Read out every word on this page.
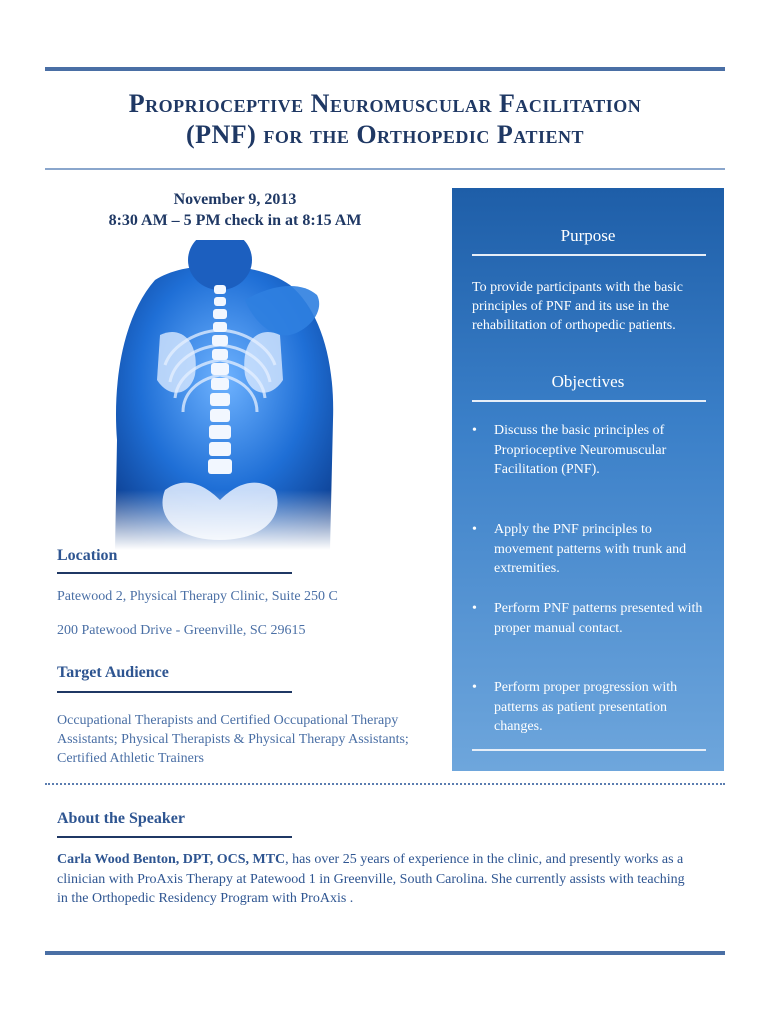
Proprioceptive Neuromuscular Facilitation
(PNF) for the Orthopedic Patient
November 9, 2013
8:30 AM – 5 PM check in at 8:15 AM
Location
Patewood 2, Physical Therapy Clinic, Suite 250 C
200 Patewood Drive - Greenville, SC 29615
Target Audience
Occupational Therapists and Certified Occupational Therapy Assistants; Physical Therapists & Physical Therapy Assistants; Certified Athletic Trainers
Purpose
To provide participants with the basic principles of PNF and its use in the rehabilitation of orthopedic patients.
Objectives
• Discuss the basic principles of Proprioceptive Neuromuscular Facilitation (PNF).
• Apply the PNF principles to movement patterns with trunk and extremities.
• Perform PNF patterns presented with proper manual contact.
• Perform proper progression with patterns as patient presentation changes.
About the Speaker
Carla Wood Benton, DPT, OCS, MTC, has over 25 years of experience in the clinic, and presently works as a clinician with ProAxis Therapy at Patewood 1 in Greenville, South Carolina. She currently assists with teaching in the Orthopedic Residency Program with ProAxis .
